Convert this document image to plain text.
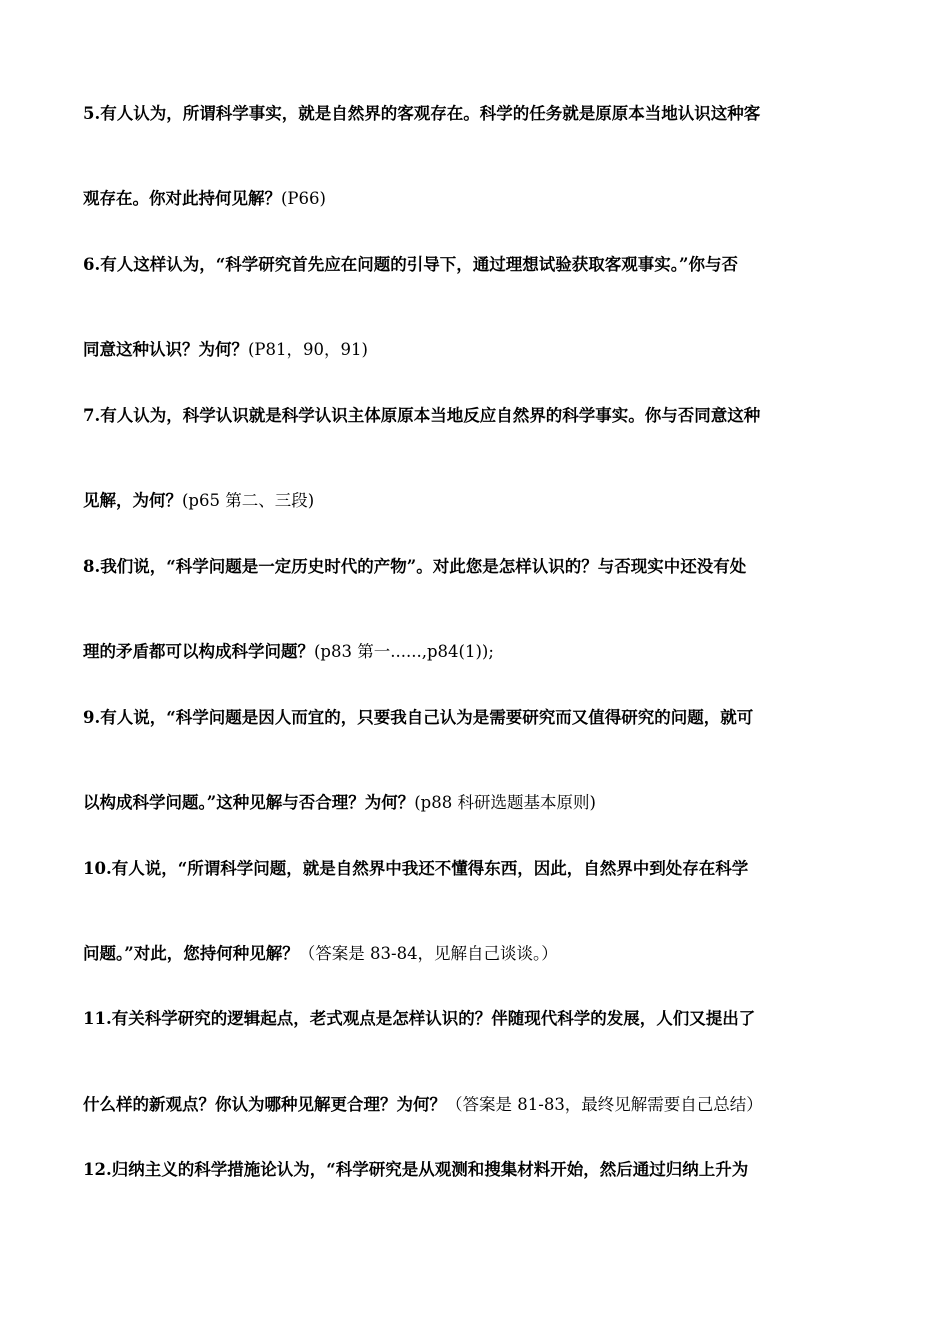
5.有人认为，所谓科学事实，就是自然界的客观存在。科学的任务就是原原本当地认识这种客
观存在。你对此持何见解？(P66)
6.有人这样认为，“科学研究首先应在问题的引导下，通过理想试验获取客观事实。”你与否
同意这种认识？为何？(P81，90，91)
7.有人认为，科学认识就是科学认识主体原原本当地反应自然界的科学事实。你与否同意这种
见解，为何？(p65 第二、三段)
8.我们说，“科学问题是一定历史时代的产物”。对此您是怎样认识的？与否现实中还没有处
理的矛盾都可以构成科学问题？(p83 第一......,p84(1));
9.有人说，“科学问题是因人而宜的，只要我自己认为是需要研究而又值得研究的问题，就可
以构成科学问题。”这种见解与否合理？为何？(p88 科研选题基本原则)
10.有人说，“所谓科学问题，就是自然界中我还不懂得东西，因此，自然界中到处存在科学
问题。”对此，您持何种见解？（答案是 83-84，见解自己谈谈。）
11.有关科学研究的逻辑起点，老式观点是怎样认识的？伴随现代科学的发展，人们又提出了
什么样的新观点？你认为哪种见解更合理？为何？（答案是 81-83，最终见解需要自己总结）
12.归纳主义的科学措施论认为，“科学研究是从观测和搜集材料开始，然后通过归纳上升为
